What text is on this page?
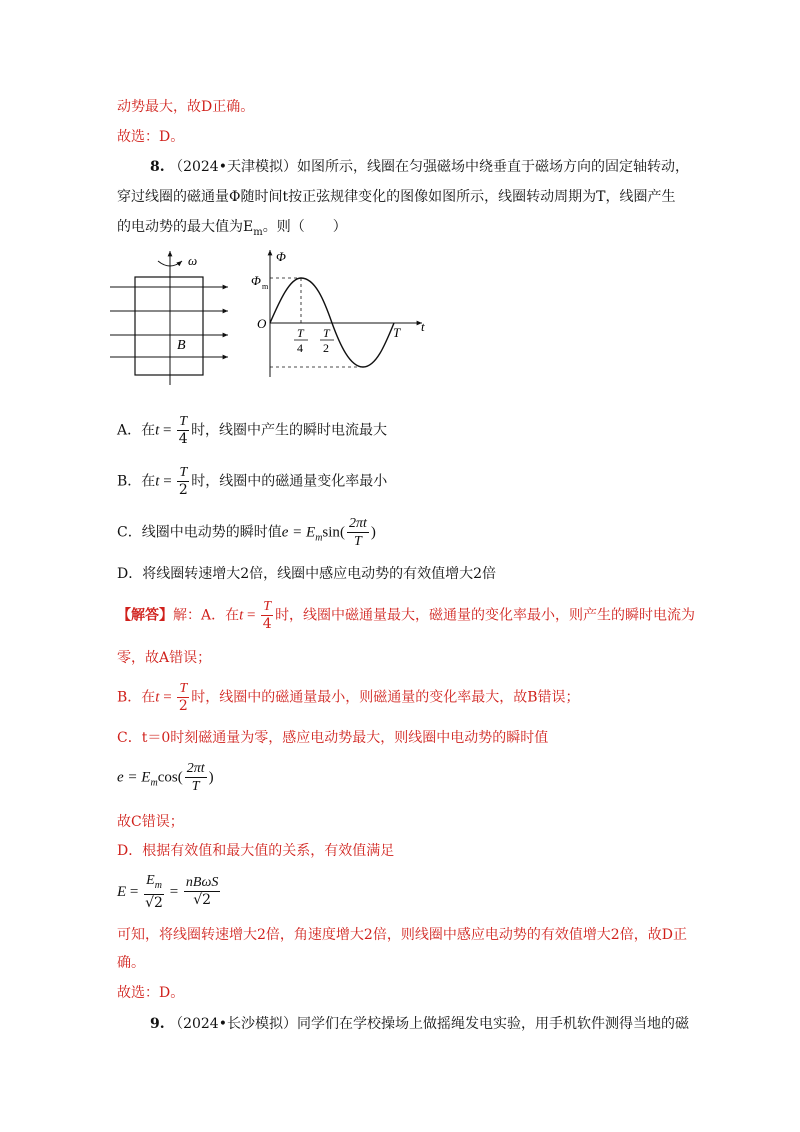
动势最大，故D正确。
故选：D。
8. （2024•天津模拟）如图所示，线圈在匀强磁场中绕垂直于磁场方向的固定轴转动，
穿过线圈的磁通量Φ随时间t按正弦规律变化的图像如图所示，线圈转动周期为T，线圈产生
的电动势的最大值为$E_m$。则（　　）
ω
B
Φ
Φ m
O	t
T
4
T
2
T
A．在$t = \frac{T}{4}$ 时，线圈中产生的瞬时电流最大
B．在$t = \frac{T}{2}$ 时，线圈中的磁通量变化率最小
C．线圈中电动势的瞬时值$e = E_m\sin( \frac{2\pi t}{T}$ )
D．将线圈转速增大2倍，线圈中感应电动势的有效值增大2倍
【解答】解：A．在$t = \frac{T}{4}$ 时，线圈中磁通量最大，磁通量的变化率最小，则产生的瞬时电流为
零，故A错误；
B．在$t = \frac{T}{2}$ 时，线圈中的磁通量最小，则磁通量的变化率最大，故B错误；
C．t＝0时刻磁通量为零，感应电动势最大，则线圈中电动势的瞬时值
$e = E_m\cos( \frac{2\pi t}{T}$ )
故C错误；
D．根据有效值和最大值的关系，有效值满足
$E = \frac{E_m}{√2} = \frac{\text{nBωS}}{√2}$
可知，将线圈转速增大2倍，角速度增大2倍，则线圈中感应电动势的有效值增大2倍，故D正
确。
故选：D。
9. （2024•长沙模拟）同学们在学校操场上做摇绳发电实验，用手机软件测得当地的磁
